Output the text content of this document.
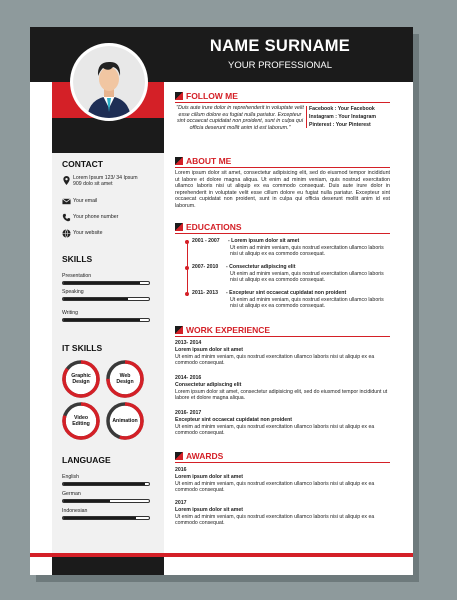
NAME SURNAME
YOUR PROFESSIONAL
FOLLOW ME
"Duis aute irure dolor in reprehenderit in voluptate velit esse cillum dolore eu fugiat nulla pariatur. Excepteur sint occaecat cupidatat non proident, sunt in culpa qui officia deserunt mollit anim id est laborum."
Facebook : Your Facebook
Instagram : Your Instagram
Pinterest : Your Pinterest
CONTACT
Lorem Ipsum 123/ 34 Ipsum 909 dolo sit amet
Your email
Your phone number
Your website
SKILLS
Presentation
Speaking
Writing
IT SKILLS
Graphic
Design
Web
Design
Video
Editing	Animation
LANGUAGE
English
German
Indonesian
ABOUT ME
Lorem ipsum dolor sit amet, consectetur adipisicing elit, sed do eiusmod tempor incididunt ut labore et dolore magna aliqua. Ut enim ad minim veniam, quis nostrud exercitation ullamco laboris nisi ut aliquip ex ea commodo consequat. Duis aute irure dolor in reprehenderit in voluptate velit esse cillum dolore eu fugiat nulla pariatur. Excepteur sint occaecat cupidatat non proident, sunt in culpa qui officia deserunt mollit anim id est laborum.
EDUCATIONS
2001 - 2007 - Lorem ipsum dolor sit amet
Ut enim ad minim veniam, quis nostrud exercitation ullamco laboris nisi ut aliquip ex ea commodo consequat.
2007- 2010 - Consectetur adipiscing elit
Ut enim ad minim veniam, quis nostrud exercitation ullamco laboris nisi ut aliquip ex ea commodo consequat.
2011- 2013 - Excepteur sint occaecat cupidatat non proident
Ut enim ad minim veniam, quis nostrud exercitation ullamco laboris nisi ut aliquip ex ea commodo consequat.
WORK EXPERIENCE
2013- 2014
Lorem ipsum dolor sit amet
Ut enim ad minim veniam, quis nostrud exercitation ullamco laboris nisi ut aliquip ex ea commodo consequat.
2014- 2016
Consectetur adipiscing elit
Lorem ipsum dolor sit amet, consectetur adipisicing elit, sed do eiusmod tempor incididunt ut labore et dolore magna aliqua.
2016- 2017
Excepteur sint occaecat cupidatat non proident
Ut enim ad minim veniam, quis nostrud exercitation ullamco laboris nisi ut aliquip ex ea commodo consequat.
AWARDS
2016
Lorem ipsum dolor sit amet
Ut enim ad minim veniam, quis nostrud exercitation ullamco laboris nisi ut aliquip ex ea commodo consequat.
2017
Lorem ipsum dolor sit amet
Ut enim ad minim veniam, quis nostrud exercitation ullamco laboris nisi ut aliquip ex ea commodo consequat.
